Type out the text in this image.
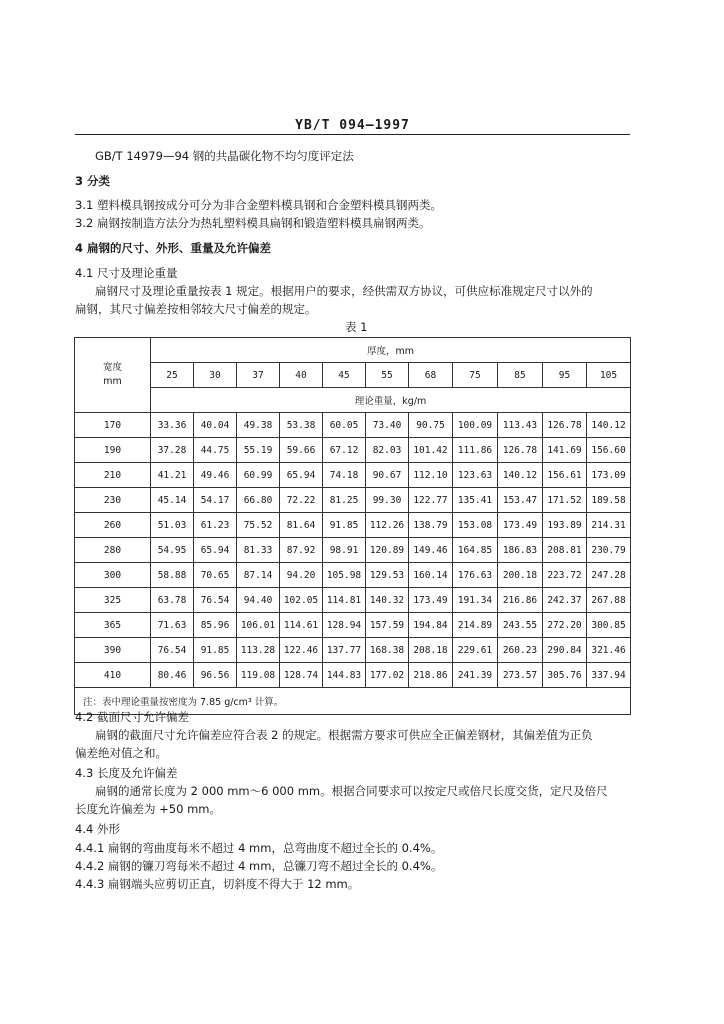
YB/T 094—1997
GB/T 14979—94 钢的共晶碳化物不均匀度评定法
3 分类
3.1 塑料模具钢按成分可分为非合金塑料模具钢和合金塑料模具钢两类。
3.2 扁钢按制造方法分为热轧塑料模具扁钢和锻造塑料模具扁钢两类。
4 扁钢的尺寸、外形、重量及允许偏差
4.1 尺寸及理论重量
扁钢尺寸及理论重量按表 1 规定。根据用户的要求，经供需双方协议，可供应标准规定尺寸以外的
扁钢，其尺寸偏差按相邻较大尺寸偏差的规定。
表 1
宽度
mm	厚度，mm										
	25	30	37	40	45	55	68	75	85	95	105
	理论重量，kg/m										
170	33.36	40.04	49.38	53.38	60.05	73.40	90.75	100.09	113.43	126.78	140.12
190	37.28	44.75	55.19	59.66	67.12	82.03	101.42	111.86	126.78	141.69	156.60
210	41.21	49.46	60.99	65.94	74.18	90.67	112.10	123.63	140.12	156.61	173.09
230	45.14	54.17	66.80	72.22	81.25	99.30	122.77	135.41	153.47	171.52	189.58
260	51.03	61.23	75.52	81.64	91.85	112.26	138.79	153.08	173.49	193.89	214.31
280	54.95	65.94	81.33	87.92	98.91	120.89	149.46	164.85	186.83	208.81	230.79
300	58.88	70.65	87.14	94.20	105.98	129.53	160.14	176.63	200.18	223.72	247.28
325	63.78	76.54	94.40	102.05	114.81	140.32	173.49	191.34	216.86	242.37	267.88
365	71.63	85.96	106.01	114.61	128.94	157.59	194.84	214.89	243.55	272.20	300.85
390	76.54	91.85	113.28	122.46	137.77	168.38	208.18	229.61	260.23	290.84	321.46
410	80.46	96.56	119.08	128.74	144.83	177.02	218.86	241.39	273.57	305.76	337.94
注：表中理论重量按密度为 7.85 g/cm³ 计算。											
4.2 截面尺寸允许偏差
扁钢的截面尺寸允许偏差应符合表 2 的规定。根据需方要求可供应全正偏差钢材，其偏差值为正负
偏差绝对值之和。
4.3 长度及允许偏差
扁钢的通常长度为 2 000 mm～6 000 mm。根据合同要求可以按定尺或倍尺长度交货，定尺及倍尺
长度允许偏差为 +50 mm。
4.4 外形
4.4.1 扁钢的弯曲度每米不超过 4 mm，总弯曲度不超过全长的 0.4%。
4.4.2 扁钢的镰刀弯每米不超过 4 mm，总镰刀弯不超过全长的 0.4%。
4.4.3 扁钢端头应剪切正直，切斜度不得大于 12 mm。
